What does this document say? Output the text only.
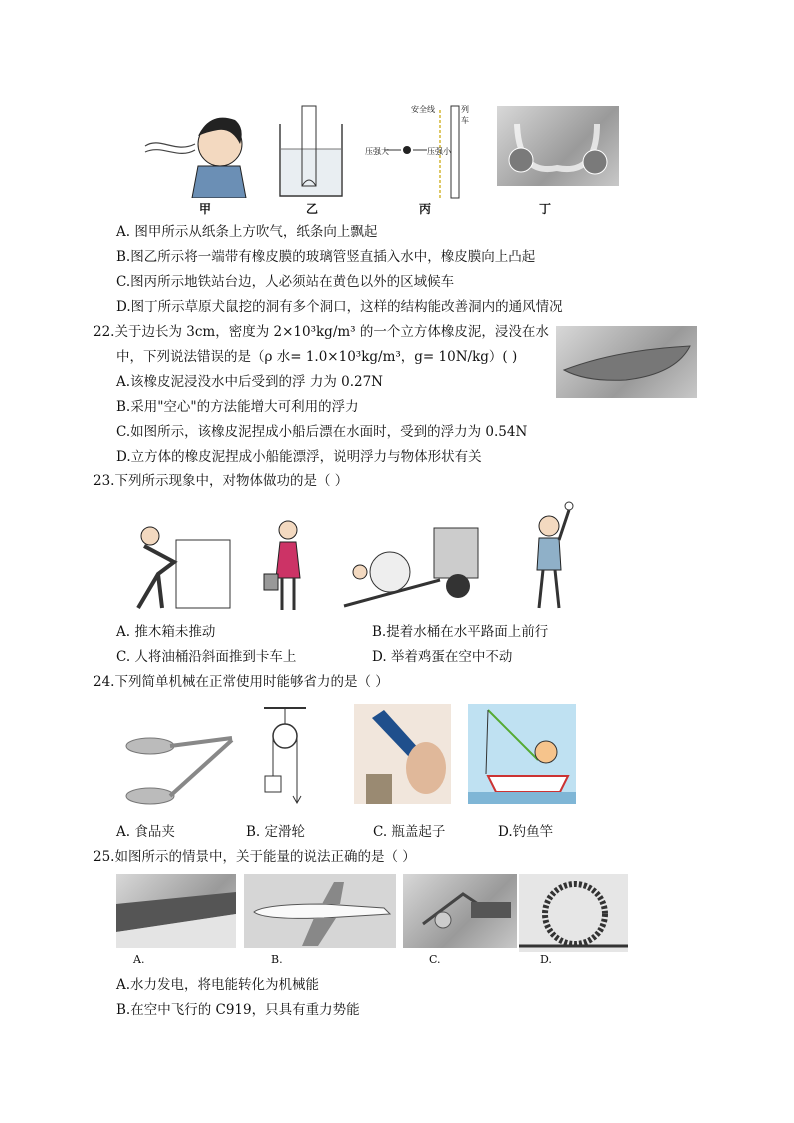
安全线	列车
压强大	压强小
甲	乙	丙	丁
A. 图甲所示从纸条上方吹气，纸条向上飘起
B.图乙所示将一端带有橡皮膜的玻璃管竖直插入水中，橡皮膜向上凸起
C.图丙所示地铁站台边，人必须站在黄色以外的区域候车
D.图丁所示草原犬鼠挖的洞有多个洞口，这样的结构能改善洞内的通风情况
22.关于边长为 3cm，密度为 2×10³kg/m³ 的一个立方体橡皮泥，浸没在水
中，下列说法错误的是（ρ 水= 1.0×10³kg/m³，g= 10N/kg）( )
A.该橡皮泥浸没水中后受到的浮 力为 0.27N
B.采用"空心"的方法能增大可利用的浮力
C.如图所示，该橡皮泥捏成小船后漂在水面时，受到的浮力为 0.54N
D.立方体的橡皮泥捏成小船能漂浮，说明浮力与物体形状有关
23.下列所示现象中，对物体做功的是（ ）
A. 推木箱未推动	B.提着水桶在水平路面上前行
C. 人将油桶沿斜面推到卡车上	D. 举着鸡蛋在空中不动
24.下列简单机械在正常使用时能够省力的是（ ）
A. 食品夹	B. 定滑轮	C. 瓶盖起子	D.钓鱼竿
25.如图所示的情景中，关于能量的说法正确的是（ ）
A.	B.	C.	D.
A.水力发电，将电能转化为机械能
B.在空中飞行的 C919，只具有重力势能
